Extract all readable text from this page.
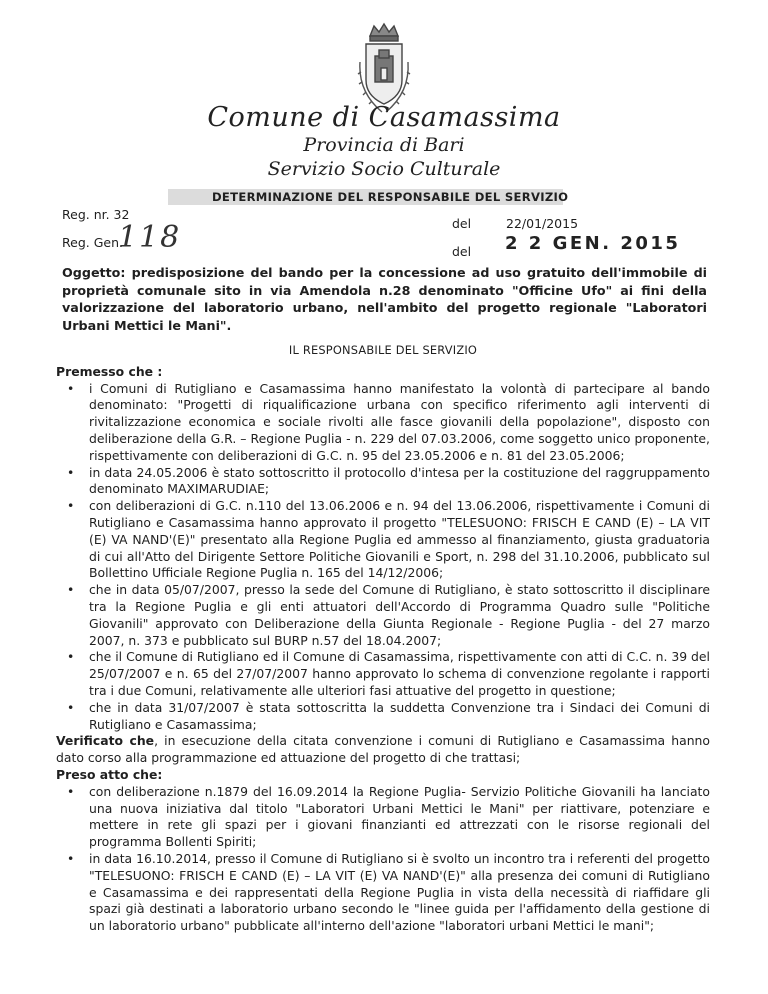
Comune di Casamassima
Provincia di Bari
Servizio Socio Culturale
DETERMINAZIONE DEL RESPONSABILE DEL SERVIZIO
Reg. nr. 32
Reg. Gen.
118	del	22/01/2015
del 2 2 GEN. 2015
Oggetto: predisposizione del bando per la concessione ad uso gratuito dell'immobile di proprietà comunale sito in via Amendola n.28 denominato "Officine Ufo" ai fini della valorizzazione del laboratorio urbano, nell'ambito del progetto regionale "Laboratori Urbani Mettici le Mani".
IL RESPONSABILE DEL SERVIZIO

Premesso che :

• i Comuni di Rutigliano e Casamassima hanno manifestato la volontà di partecipare al bando denominato: "Progetti di riqualificazione urbana con specifico riferimento agli interventi di rivitalizzazione economica e sociale rivolti alle fasce giovanili della popolazione", disposto con deliberazione della G.R. – Regione Puglia - n. 229 del 07.03.2006, come soggetto unico proponente, rispettivamente con deliberazioni di G.C. n. 95 del 23.05.2006 e n. 81 del 23.05.2006;
• in data 24.05.2006 è stato sottoscritto il protocollo d'intesa per la costituzione del raggruppamento denominato MAXIMARUDIAE;
• con deliberazioni di G.C. n.110 del 13.06.2006 e n. 94 del 13.06.2006, rispettivamente i Comuni di Rutigliano e Casamassima hanno approvato il progetto "TELESUONO: FRISCH E CAND (E) – LA VIT (E) VA NAND'(E)" presentato alla Regione Puglia ed ammesso al finanziamento, giusta graduatoria di cui all'Atto del Dirigente Settore Politiche Giovanili e Sport, n. 298 del 31.10.2006, pubblicato sul Bollettino Ufficiale Regione Puglia n. 165 del 14/12/2006;
• che in data 05/07/2007, presso la sede del Comune di Rutigliano, è stato sottoscritto il disciplinare tra la Regione Puglia e gli enti attuatori dell'Accordo di Programma Quadro sulle "Politiche Giovanili" approvato con Deliberazione della Giunta Regionale - Regione Puglia - del 27 marzo 2007, n. 373 e pubblicato sul BURP n.57 del 18.04.2007;
• che il Comune di Rutigliano ed il Comune di Casamassima, rispettivamente con atti di C.C. n. 39 del 25/07/2007 e n. 65 del 27/07/2007 hanno approvato lo schema di convenzione regolante i rapporti tra i due Comuni, relativamente alle ulteriori fasi attuative del progetto in questione;
• che in data 31/07/2007 è stata sottoscritta la suddetta Convenzione tra i Sindaci dei Comuni di Rutigliano e Casamassima;

Verificato che, in esecuzione della citata convenzione i comuni di Rutigliano e Casamassima hanno dato corso alla programmazione ed attuazione del progetto di che trattasi;

Preso atto che:

• con deliberazione n.1879 del 16.09.2014 la Regione Puglia- Servizio Politiche Giovanili ha lanciato una nuova iniziativa dal titolo "Laboratori Urbani Mettici le Mani" per riattivare, potenziare e mettere in rete gli spazi per i giovani finanzianti ed attrezzati con le risorse regionali del programma Bollenti Spiriti;
• in data 16.10.2014, presso il Comune di Rutigliano si è svolto un incontro tra i referenti del progetto "TELESUONO: FRISCH E CAND (E) – LA VIT (E) VA NAND'(E)" alla presenza dei comuni di Rutigliano e Casamassima e dei rappresentati della Regione Puglia in vista della necessità di riaffidare gli spazi già destinati a laboratorio urbano secondo le "linee guida per l'affidamento della gestione di un laboratorio urbano" pubblicate all'interno dell'azione "laboratori urbani Mettici le mani";
